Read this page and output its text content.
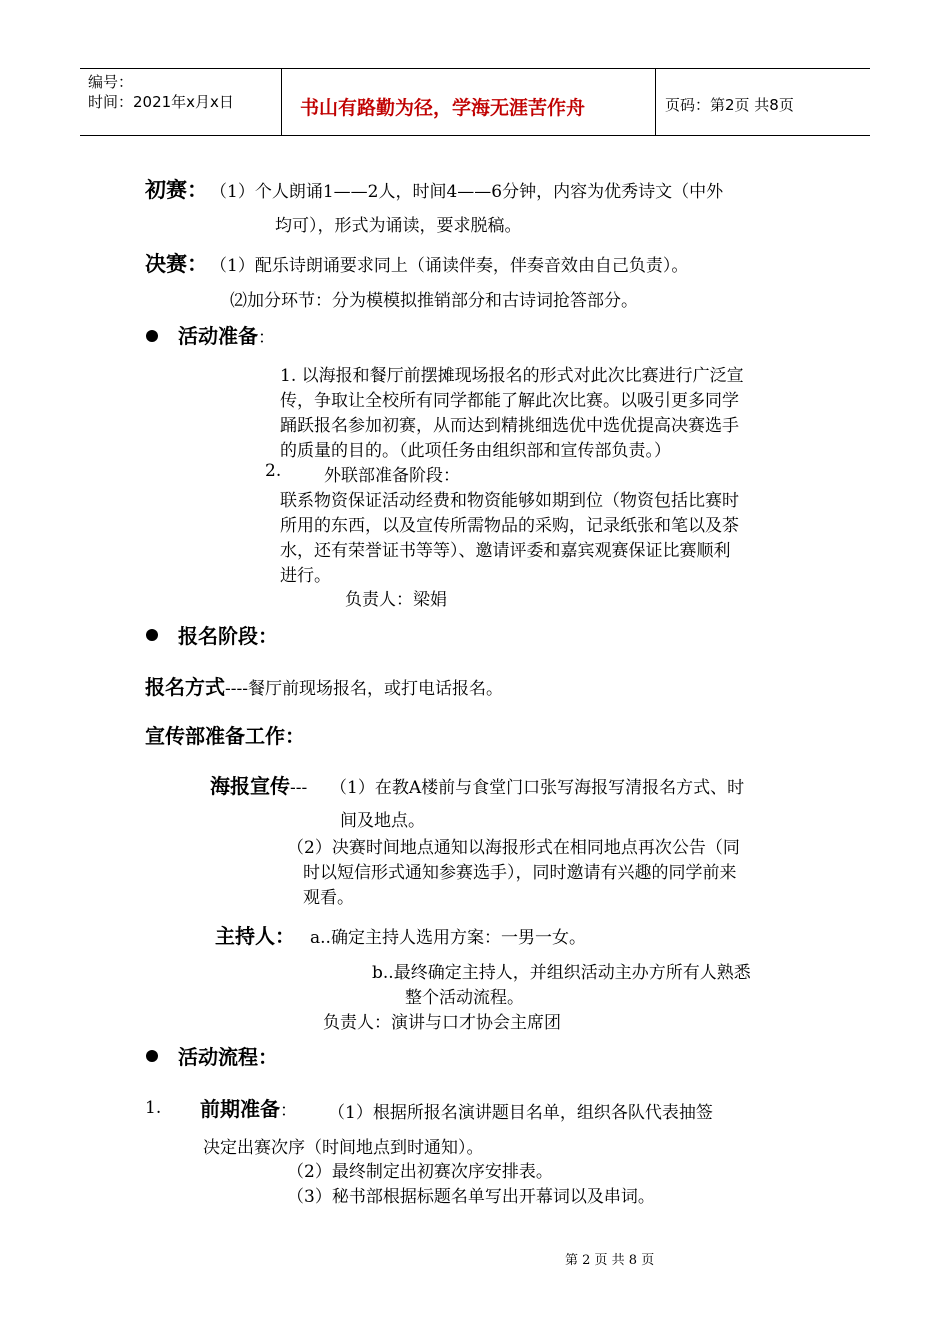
编号：
时间：2021年x月x日	书山有路勤为径，学海无涯苦作舟	页码：第2页 共8页
初赛： （1）个人朗诵1——2人，时间4——6分钟，内容为优秀诗文（中外
均可），形式为诵读，要求脱稿。
决赛： （1）配乐诗朗诵要求同上（诵读伴奏，伴奏音效由自己负责）。
⑵加分环节：分为模模拟推销部分和古诗词抢答部分。
活动准备：
1. 以海报和餐厅前摆摊现场报名的形式对此次比赛进行广泛宣
传，争取让全校所有同学都能了解此次比赛。以吸引更多同学
踊跃报名参加初赛，从而达到精挑细选优中选优提高决赛选手
的质量的目的。（此项任务由组织部和宣传部负责。）
2.	外联部准备阶段：
联系物资保证活动经费和物资能够如期到位（物资包括比赛时
所用的东西，以及宣传所需物品的采购，记录纸张和笔以及茶
水，还有荣誉证书等等）、邀请评委和嘉宾观赛保证比赛顺利
进行。
负责人：梁娟
报名阶段：
报名方式----餐厅前现场报名，或打电话报名。
宣传部准备工作：
海报宣传--- （1）在教A楼前与食堂门口张写海报写清报名方式、时
间及地点。
（2）决赛时间地点通知以海报形式在相同地点再次公告（同
时以短信形式通知参赛选手），同时邀请有兴趣的同学前来
观看。
主持人： a..确定主持人选用方案：一男一女。
b..最终确定主持人，并组织活动主办方所有人熟悉
整个活动流程。
负责人：演讲与口才协会主席团
活动流程：
1. 前期准备： （1）根据所报名演讲题目名单，组织各队代表抽签
决定出赛次序（时间地点到时通知）。
（2）最终制定出初赛次序安排表。
（3）秘书部根据标题名单写出开幕词以及串词。
第 2 页 共 8 页
